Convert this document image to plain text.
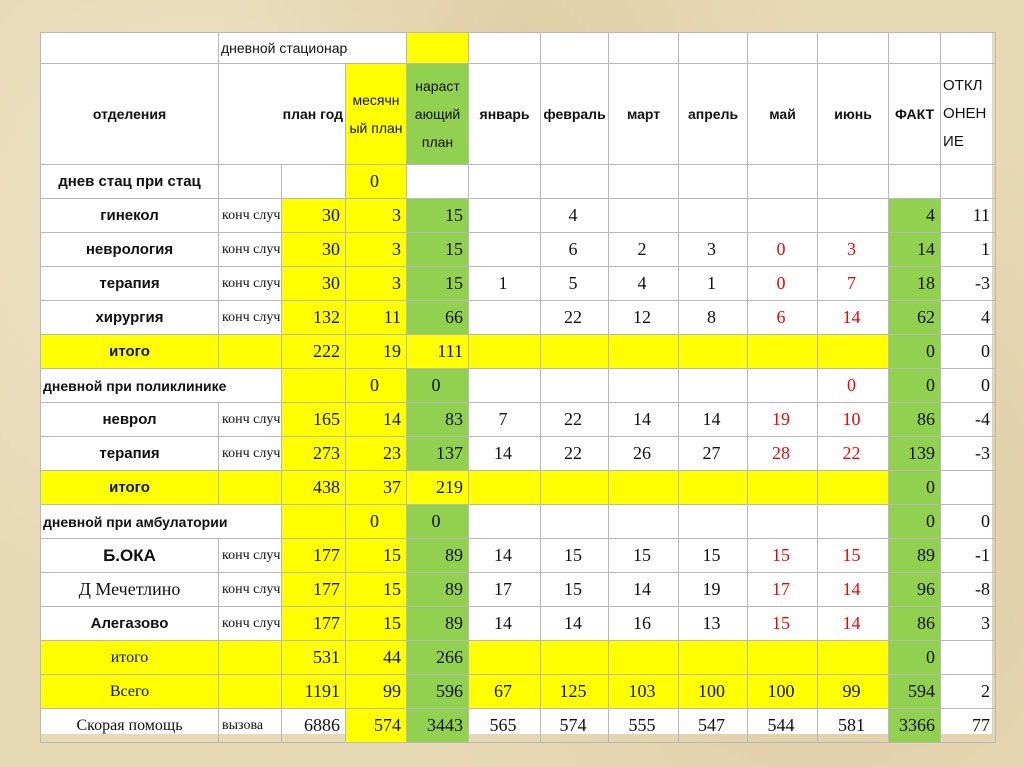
	дневной стационар											
отделения	план год		месячн ый план	нараст ающий план	январь	февраль	март	апрель	май	июнь	ФАКТ	ОТКЛ ОНЕН ИЕ
днев стац при стац			0									
гинекол	конч случ	30	3	15		4					4	11
неврология	конч случ	30	3	15		6	2	3	0	3	14	1
терапия	конч случ	30	3	15	1	5	4	1	0	7	18	-3
хирургия	конч случ	132	11	66		22	12	8	6	14	62	4
итого		222	19	111							0	0
дневной при поликлинике			0	0						0	0	0
неврол	конч случ	165	14	83	7	22	14	14	19	10	86	-4
терапия	конч случ	273	23	137	14	22	26	27	28	22	139	-3
итого		438	37	219							0	
дневной при амбулатории			0	0							0	0
Б.ОКА	конч случ	177	15	89	14	15	15	15	15	15	89	-1
Д Мечетлино	конч случ	177	15	89	17	15	14	19	17	14	96	-8
Алегазово	конч случ	177	15	89	14	14	16	13	15	14	86	3
итого		531	44	266							0	
Всего		1191	99	596	67	125	103	100	100	99	594	2
Скорая помощь	вызова	6886	574	3443	565	574	555	547	544	581	3366	77
